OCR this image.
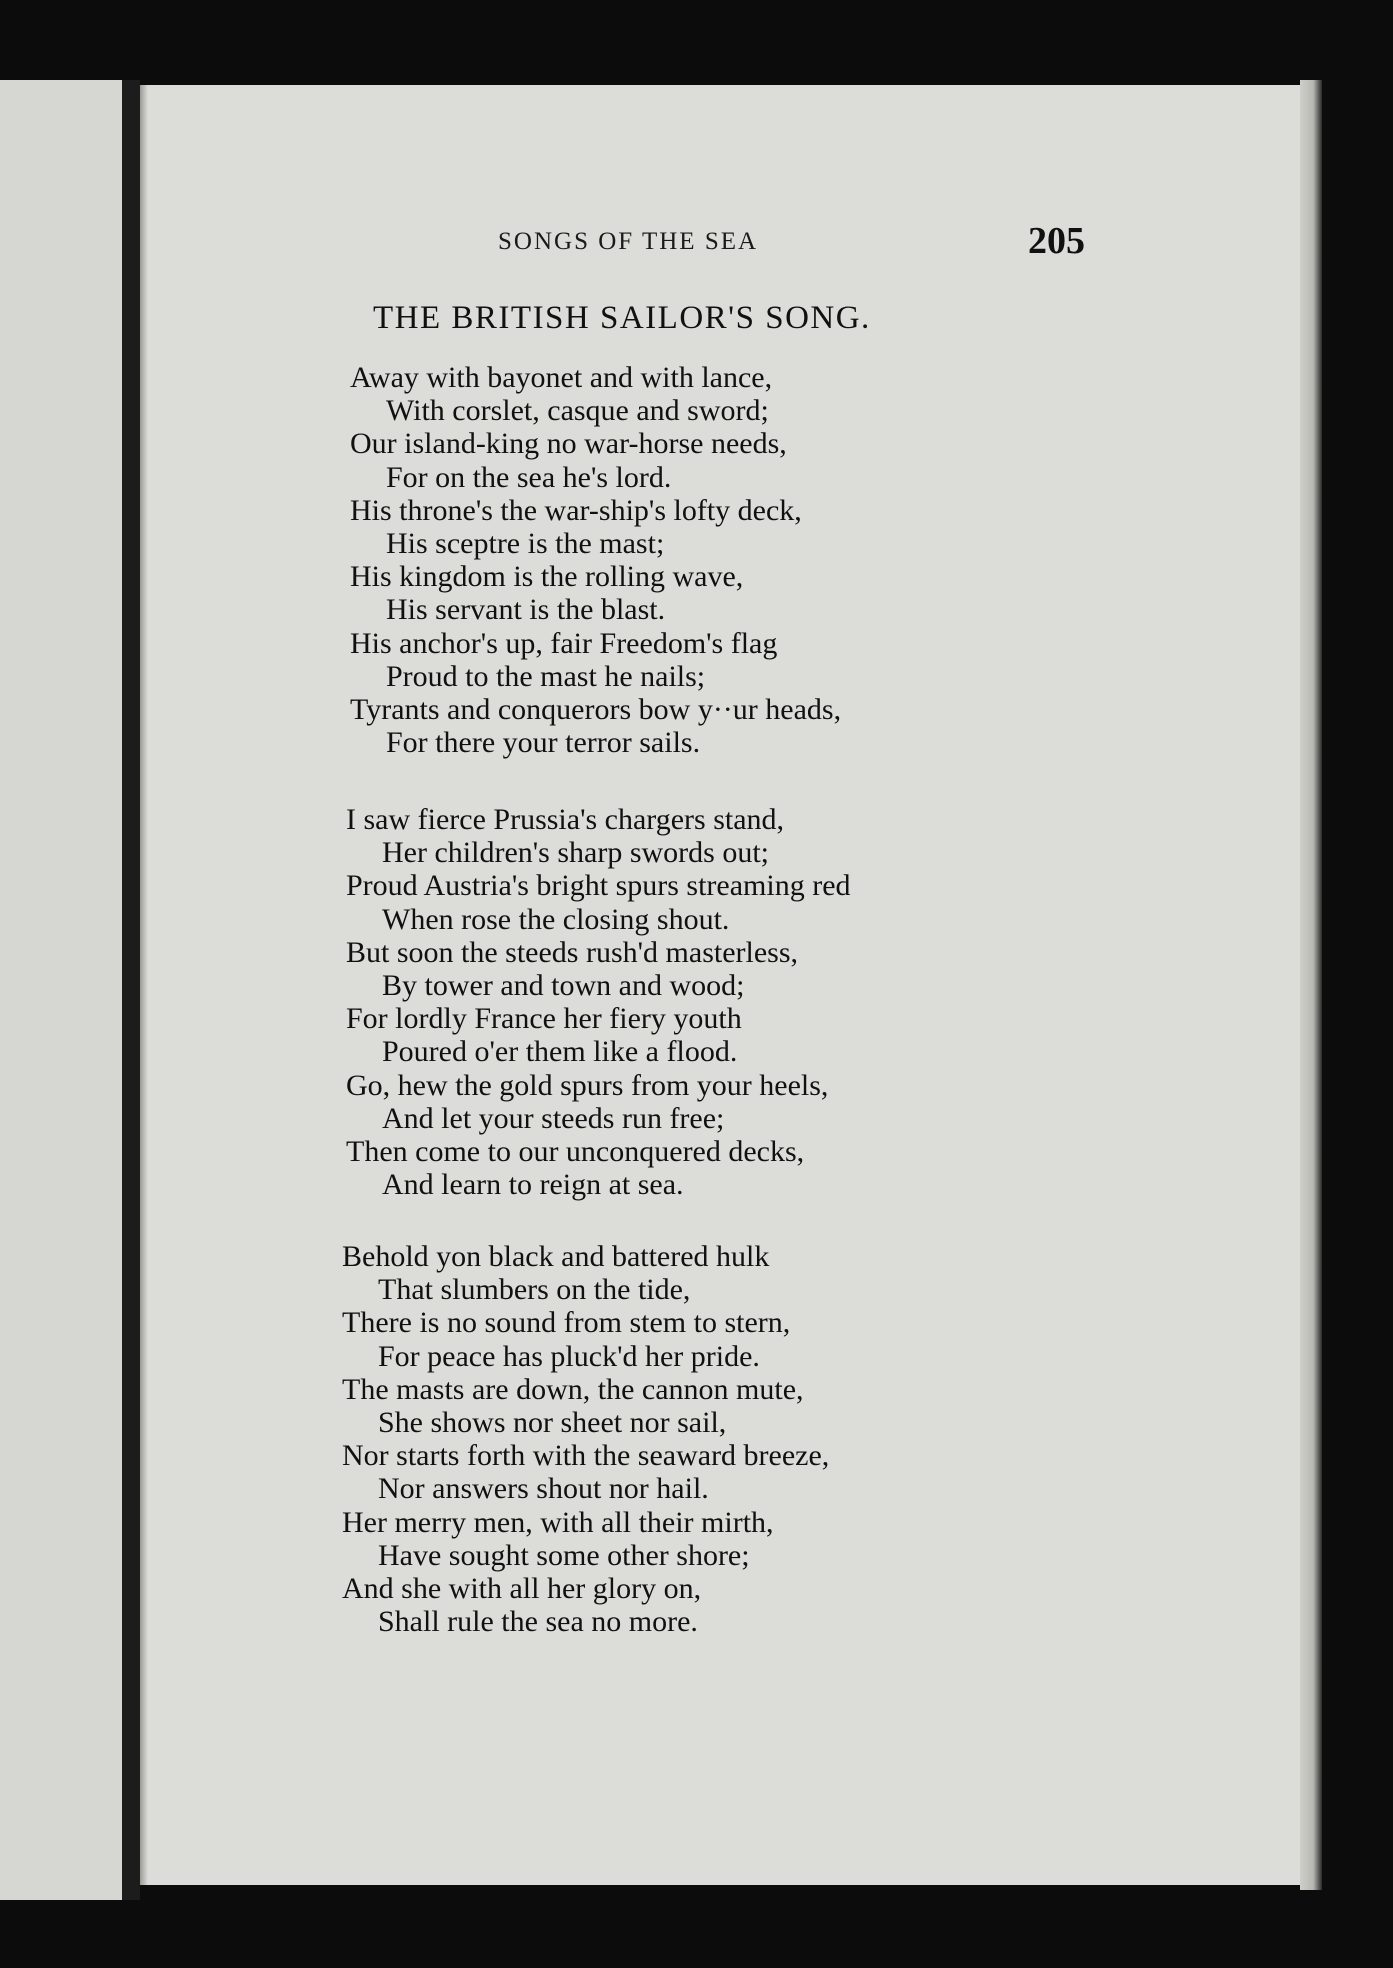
SONGS OF THE SEA	205
THE BRITISH SAILOR'S SONG.
Away with bayonet and with lance,
With corslet, casque and sword;
Our island-king no war-horse needs,
For on the sea he's lord.
His throne's the war-ship's lofty deck,
His sceptre is the mast;
His kingdom is the rolling wave,
His servant is the blast.
His anchor's up, fair Freedom's flag
Proud to the mast he nails;
Tyrants and conquerors bow y··ur heads,
For there your terror sails.
I saw fierce Prussia's chargers stand,
Her children's sharp swords out;
Proud Austria's bright spurs streaming red
When rose the closing shout.
But soon the steeds rush'd masterless,
By tower and town and wood;
For lordly France her fiery youth
Poured o'er them like a flood.
Go, hew the gold spurs from your heels,
And let your steeds run free;
Then come to our unconquered decks,
And learn to reign at sea.
Behold yon black and battered hulk
That slumbers on the tide,
There is no sound from stem to stern,
For peace has pluck'd her pride.
The masts are down, the cannon mute,
She shows nor sheet nor sail,
Nor starts forth with the seaward breeze,
Nor answers shout nor hail.
Her merry men, with all their mirth,
Have sought some other shore;
And she with all her glory on,
Shall rule the sea no more.
